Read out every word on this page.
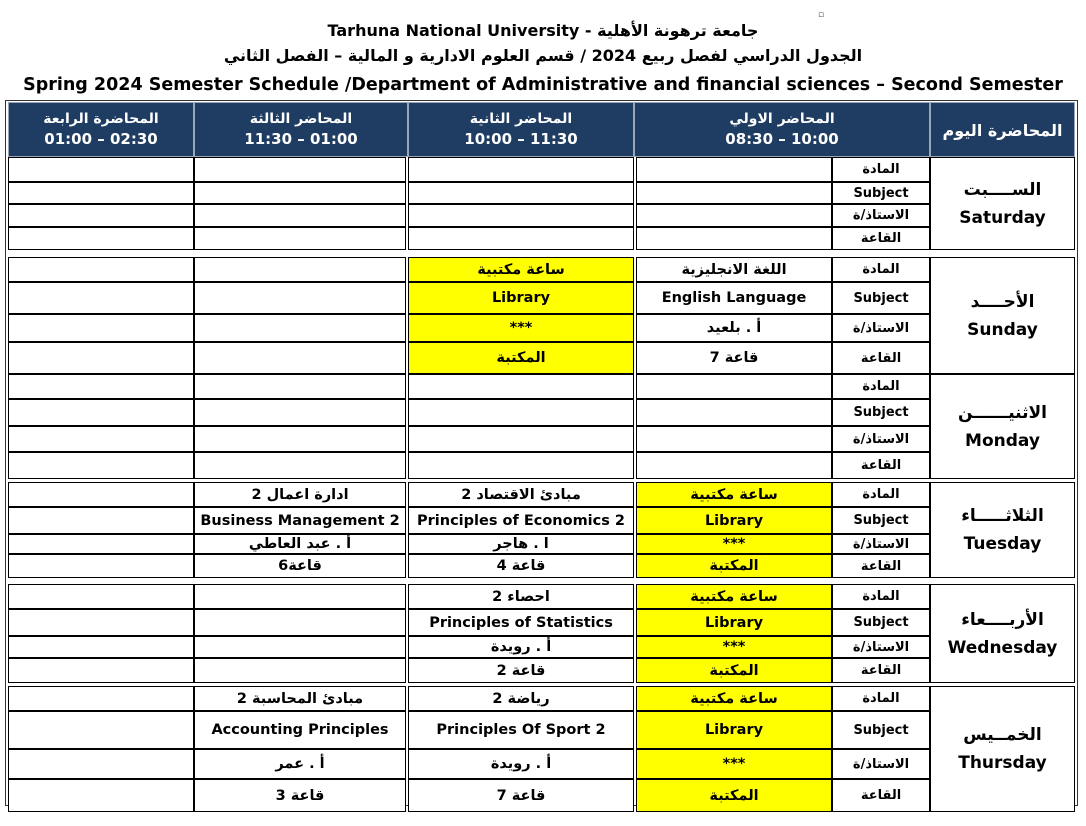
Tarhuna National University - جامعة ترهونة الأهلية
الجدول الدراسي لفصل ربيع 2024 / قسم العلوم الادارية و المالية – الفصل الثاني
Spring 2024 Semester Schedule /Department of Administrative and financial sciences – Second Semester
▫
المحاضرة الرابعة
01:00 – 02:30
المحاضر الثالثة
11:30 – 01:00
المحاضر الثانية
10:00 – 11:30
المحاضر الاولي
08:30 – 10:00	المحاضرة اليوم
الســــبت
Saturday
المادة
Subject
الاستاذ/ة
القاعة
الأحــــد
Sunday
المادة
اللغة الانجليزية
ساعة مكتبية
Subject
English Language
Library
الاستاذ/ة
أ . بلعيد
***
القاعة
قاعة 7
المكتبة
الاثنيــــــن
Monday
المادة
Subject
الاستاذ/ة
القاعة
الثلاثـــــاء
Tuesday
المادة
ساعة مكتبية
مبادئ الاقتصاد 2
ادارة اعمال 2
Subject
Library
Principles of Economics 2
Business Management 2
الاستاذ/ة
***
ا . هاجر
أ . عبد العاطي
القاعة
المكتبة
قاعة 4
قاعة6
الأربــــعاء
Wednesday
المادة
ساعة مكتبية
احصاء 2
Subject
Library
Principles of Statistics
الاستاذ/ة
***
أ . رويدة
القاعة
المكتبة
قاعة 2
الخمــيس
Thursday
المادة
ساعة مكتبية
رياضة 2
مبادئ المحاسبة 2
Subject
Library
Principles Of Sport 2
Accounting Principles
الاستاذ/ة
***
أ . رويدة
أ . عمر
القاعة
المكتبة
قاعة 7
قاعة 3
